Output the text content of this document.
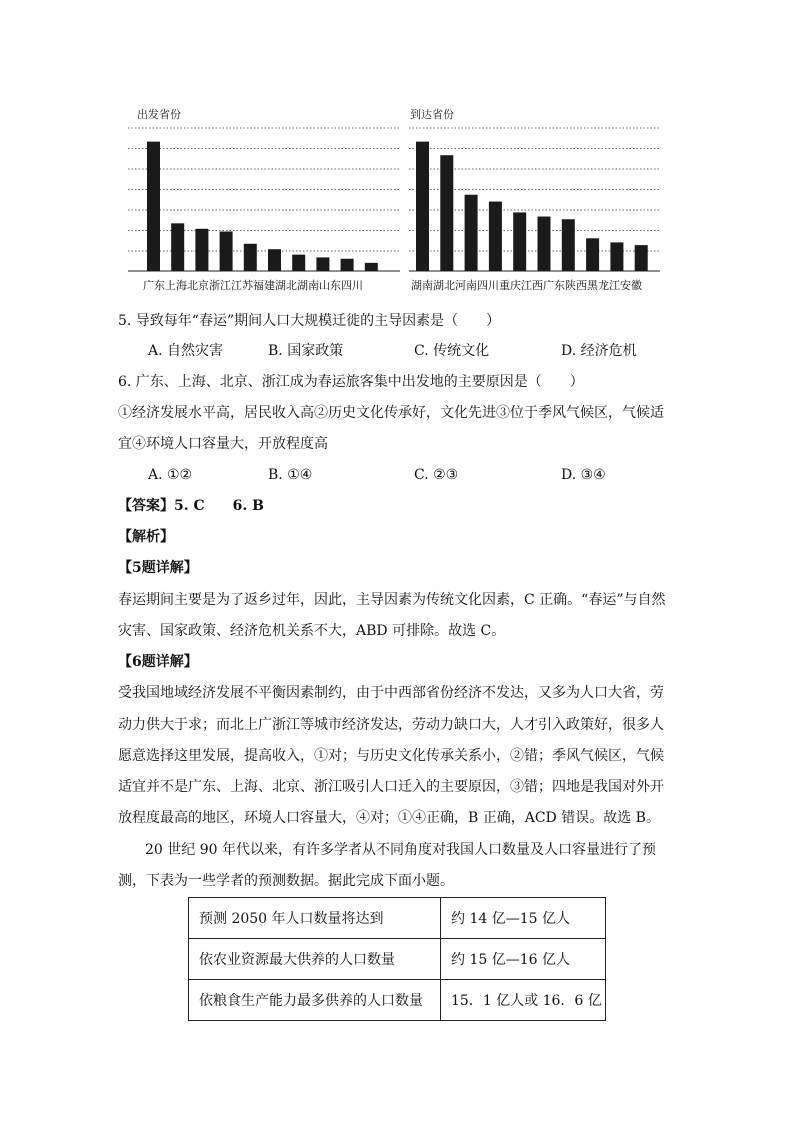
出发省份
广东上海北京浙江江苏福建湖北湖南山东四川
到达省份
湖南湖北河南四川重庆江西广东陕西黑龙江安徽
5. 导致每年“春运”期间人口大规模迁徙的主导因素是（　　）
A. 自然灾害	B. 国家政策	C. 传统文化	D. 经济危机
6. 广东、上海、北京、浙江成为春运旅客集中出发地的主要原因是（　　）
①经济发展水平高，居民收入高②历史文化传承好，文化先进③位于季风气候区，气候适
宜④环境人口容量大，开放程度高
A. ①②	B. ①④	C. ②③	D. ③④
【答案】5. C　　6. B
【解析】
【5题详解】
春运期间主要是为了返乡过年，因此，主导因素为传统文化因素，C 正确。“春运”与自然
灾害、国家政策、经济危机关系不大，ABD 可排除。故选 C。
【6题详解】
受我国地域经济发展不平衡因素制约，由于中西部省份经济不发达，又多为人口大省，劳
动力供大于求；而北上广浙江等城市经济发达，劳动力缺口大，人才引入政策好，很多人
愿意选择这里发展，提高收入，①对；与历史文化传承关系小，②错；季风气候区，气候
适宜并不是广东、上海、北京、浙江吸引人口迁入的主要原因，③错；四地是我国对外开
放程度最高的地区，环境人口容量大，④对；①④正确，B 正确，ACD 错误。故选 B。
20 世纪 90 年代以来，有许多学者从不同角度对我国人口数量及人口容量进行了预
测，下表为一些学者的预测数据。据此完成下面小题。
预测 2050 年人口数量将达到	约 14 亿—15 亿人
依农业资源最大供养的人口数量	约 15 亿—16 亿人
依粮食生产能力最多供养的人口数量	15．1 亿人或 16．6 亿
